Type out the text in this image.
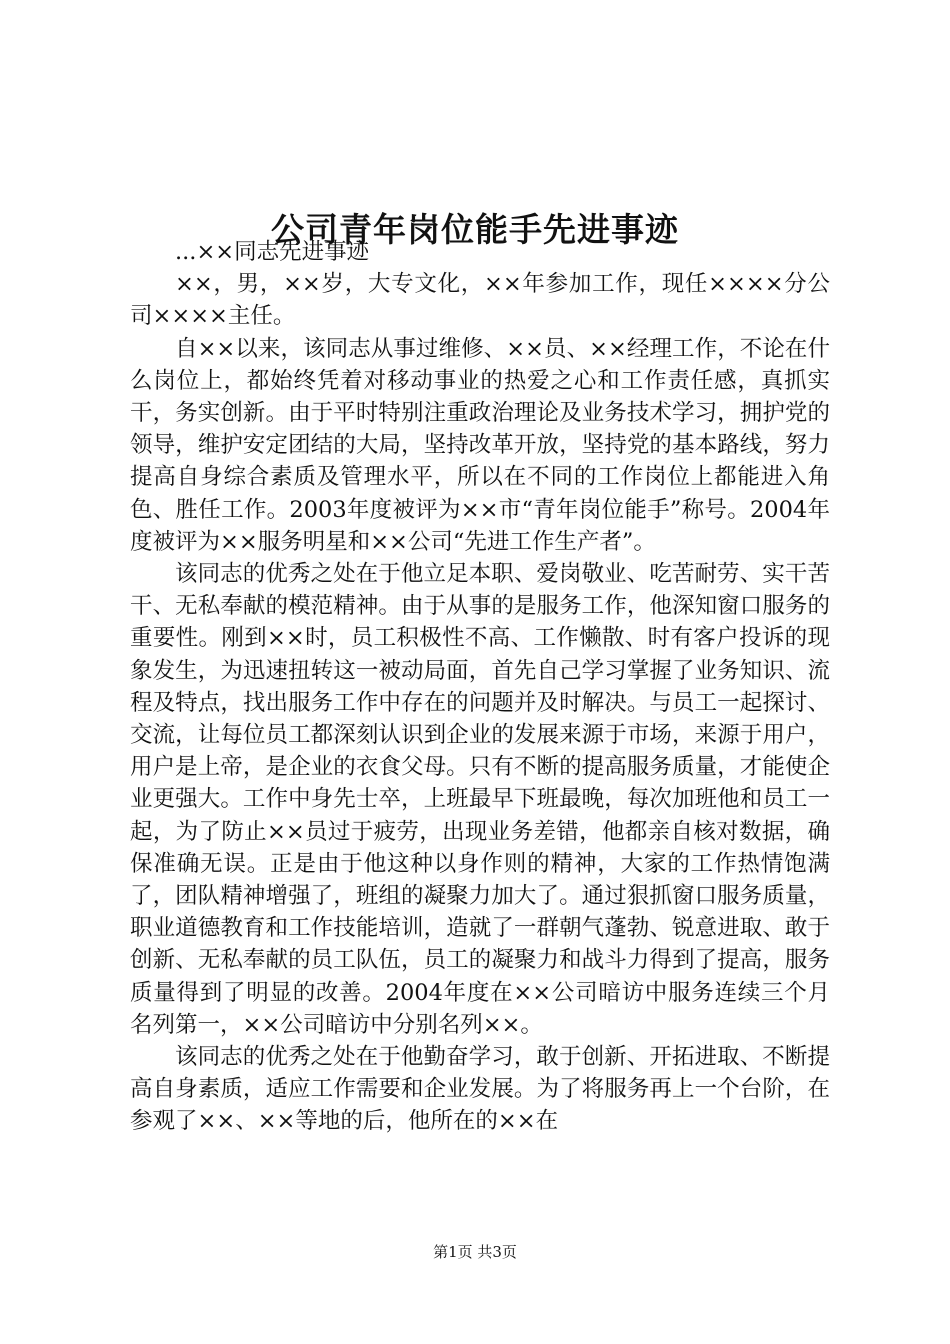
公司青年岗位能手先进事迹

...××同志先进事迹

××，男，××岁，大专文化，××年参加工作，现任××××分公司××××主任。

自××以来，该同志从事过维修、××员、××经理工作，不论在什么岗位上，都始终凭着对移动事业的热爱之心和工作责任感，真抓实干，务实创新。由于平时特别注重政治理论及业务技术学习，拥护党的领导，维护安定团结的大局，坚持改革开放，坚持党的基本路线，努力提高自身综合素质及管理水平，所以在不同的工作岗位上都能进入角色、胜任工作。2003年度被评为××市“青年岗位能手”称号。2004年度被评为××服务明星和××公司“先进工作生产者”。

该同志的优秀之处在于他立足本职、爱岗敬业、吃苦耐劳、实干苦干、无私奉献的模范精神。由于从事的是服务工作，他深知窗口服务的重要性。刚到××时，员工积极性不高、工作懒散、时有客户投诉的现象发生，为迅速扭转这一被动局面，首先自己学习掌握了业务知识、流程及特点，找出服务工作中存在的问题并及时解决。与员工一起探讨、交流，让每位员工都深刻认识到企业的发展来源于市场，来源于用户，用户是上帝，是企业的衣食父母。只有不断的提高服务质量，才能使企业更强大。工作中身先士卒，上班最早下班最晚，每次加班他和员工一起，为了防止××员过于疲劳，出现业务差错，他都亲自核对数据，确保准确无误。正是由于他这种以身作则的精神，大家的工作热情饱满了，团队精神增强了，班组的凝聚力加大了。通过狠抓窗口服务质量，职业道德教育和工作技能培训，造就了一群朝气蓬勃、锐意进取、敢于创新、无私奉献的员工队伍，员工的凝聚力和战斗力得到了提高，服务质量得到了明显的改善。2004年度在××公司暗访中服务连续三个月名列第一，××公司暗访中分别名列××。

该同志的优秀之处在于他勤奋学习，敢于创新、开拓进取、不断提高自身素质，适应工作需要和企业发展。为了将服务再上一个台阶，在参观了××、××等地的后，他所在的××在

第1页 共3页
